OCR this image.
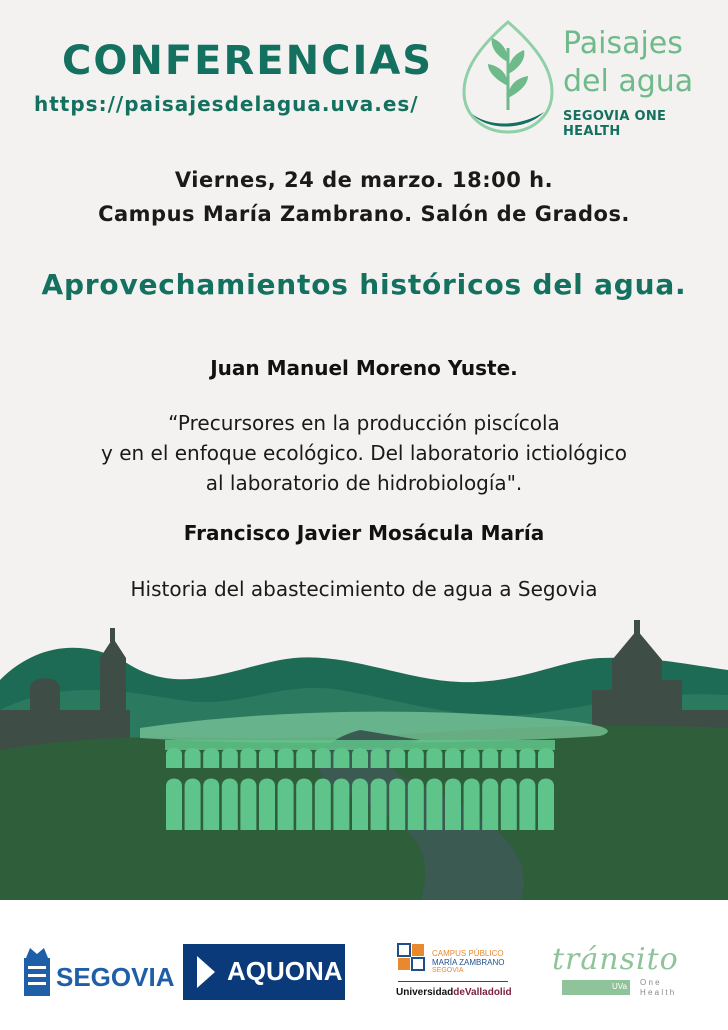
CONFERENCIAS
https://paisajesdelagua.uva.es/
Paisajes
del agua
SEGOVIA ONE HEALTH
Viernes, 24 de marzo. 18:00 h.
Campus María Zambrano. Salón de Grados.
Aprovechamientos históricos del agua.
Juan Manuel Moreno Yuste.
“Precursores en la producción piscícola
y en el enfoque ecológico. Del laboratorio ictiológico
al laboratorio de hidrobiología".
Francisco Javier Mosácula María
Historia del abastecimiento de agua a Segovia
SEGOVIA AQUONA
CAMPUS PÚBLICO
MARÍA ZAMBRANO
SEGOVIA
UniversidaddeValladolid
tránsito
UVa O n e
H e a l t h
